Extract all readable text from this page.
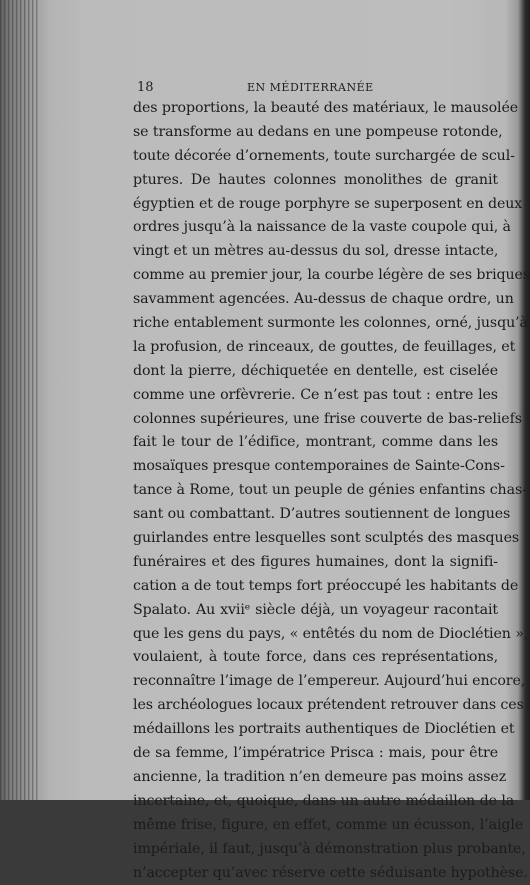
18	EN MÉDITERRANÉE
des proportions, la beauté des matériaux, le mausolée
se transforme au dedans en une pompeuse rotonde,
toute décorée d’ornements, toute surchargée de scul-
ptures. De hautes colonnes monolithes de granit
égyptien et de rouge porphyre se superposent en deux
ordres jusqu’à la naissance de la vaste coupole qui, à
vingt et un mètres au-dessus du sol, dresse intacte,
comme au premier jour, la courbe légère de ses briques
savamment agencées. Au-dessus de chaque ordre, un
riche entablement surmonte les colonnes, orné, jusqu’à
la profusion, de rinceaux, de gouttes, de feuillages, et
dont la pierre, déchiquetée en dentelle, est ciselée
comme une orfèvrerie. Ce n’est pas tout : entre les
colonnes supérieures, une frise couverte de bas-reliefs
fait le tour de l’édifice, montrant, comme dans les
mosaïques presque contemporaines de Sainte-Cons-
tance à Rome, tout un peuple de génies enfantins chas-
sant ou combattant. D’autres soutiennent de longues
guirlandes entre lesquelles sont sculptés des masques
funéraires et des figures humaines, dont la signifi-
cation a de tout temps fort préoccupé les habitants de
Spalato. Au xviiᵉ siècle déjà, un voyageur racontait
que les gens du pays, « entêtés du nom de Dioclétien »,
voulaient, à toute force, dans ces représentations,
reconnaître l’image de l’empereur. Aujourd’hui encore,
les archéologues locaux prétendent retrouver dans ces
médaillons les portraits authentiques de Dioclétien et
de sa femme, l’impératrice Prisca : mais, pour être
ancienne, la tradition n’en demeure pas moins assez
incertaine, et, quoique, dans un autre médaillon de la
même frise, figure, en effet, comme un écusson, l’aigle
impériale, il faut, jusqu’à démonstration plus probante,
n’accepter qu’avec réserve cette séduisante hypothèse.
